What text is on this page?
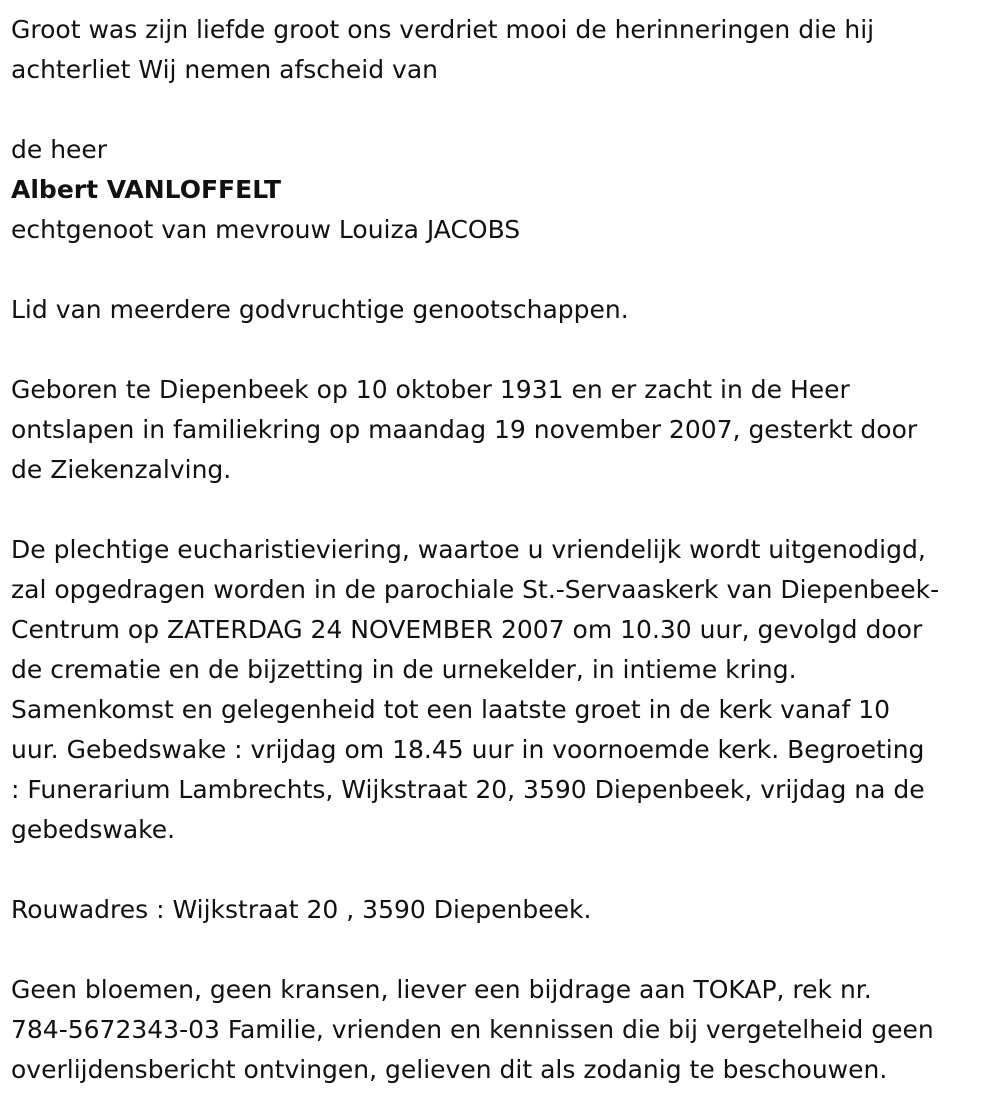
Groot was zijn liefde groot ons verdriet mooi de herinneringen die hij
achterliet Wij nemen afscheid van
de heer
Albert VANLOFFELT
echtgenoot van mevrouw Louiza JACOBS
Lid van meerdere godvruchtige genootschappen.
Geboren te Diepenbeek op 10 oktober 1931 en er zacht in de Heer
ontslapen in familiekring op maandag 19 november 2007, gesterkt door
de Ziekenzalving.
De plechtige eucharistieviering, waartoe u vriendelijk wordt uitgenodigd,
zal opgedragen worden in de parochiale St.-Servaaskerk van Diepenbeek-
Centrum op ZATERDAG 24 NOVEMBER 2007 om 10.30 uur, gevolgd door
de crematie en de bijzetting in de urnekelder, in intieme kring.
Samenkomst en gelegenheid tot een laatste groet in de kerk vanaf 10
uur. Gebedswake : vrijdag om 18.45 uur in voornoemde kerk. Begroeting
: Funerarium Lambrechts, Wijkstraat 20, 3590 Diepenbeek, vrijdag na de
gebedswake.
Rouwadres : Wijkstraat 20 , 3590 Diepenbeek.
Geen bloemen, geen kransen, liever een bijdrage aan TOKAP, rek nr.
784-5672343-03 Familie, vrienden en kennissen die bij vergetelheid geen
overlijdensbericht ontvingen, gelieven dit als zodanig te beschouwen.
